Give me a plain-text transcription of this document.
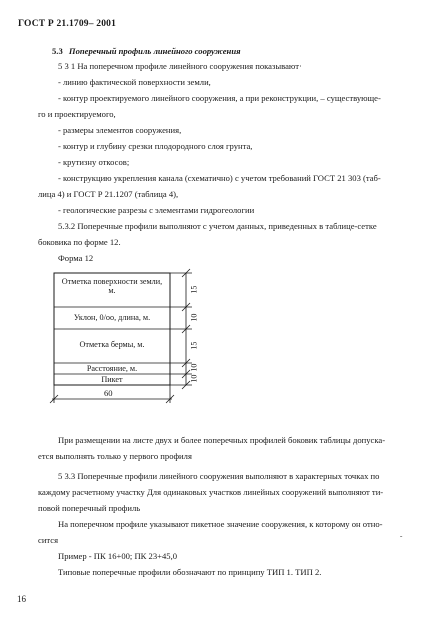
ГОСТ Р 21.1709– 2001
5.3 Поперечный профиль линейного сооружения
5 3 1 На поперечном профиле линейного сооружения показывают·
- линию фактической поверхности земли,
- контур проектируемого линейного сооружения, а при реконструкции, – существующе-
го и проектируемого,
- размеры элементов сооружения,
- контур и глубину срезки плодородного слоя грунта,
- крутизну откосов;
- конструкцию укрепления канала (схематично) с учетом требований ГОСТ 21 303 (таб-
лица 4) и ГОСТ Р 21.1207 (таблица 4),
- геологические разрезы с элементами гидрогеологии
5.3.2 Поперечные профили выполняют с учетом данных, приведенных в таблице-сетке
боковика по форме 12.
Форма 12
Отметка поверхности земли, м.
Уклон, 0/оо, длина, м.
Отметка бермы, м.
Расстояние, м.
Пикет
15
10
15
10
10
60
При размещении на листе двух и более поперечных профилей боковик таблицы допуска-
ется выполнять только у первого профиля
5 3.3 Поперечные профили линейного сооружения выполняют в характерных точках по
каждому расчетному участку Для одинаковых участков линейных сооружений выполняют ти-
повой поперечный профиль
На поперечном профиле указывают пикетное значение сооружения, к которому он отно-
сится
Пример - ПК 16+00; ПК 23+45,0
Типовые поперечные профили обозначают по принципу ТИП 1. ТИП 2.
ˇ
16
